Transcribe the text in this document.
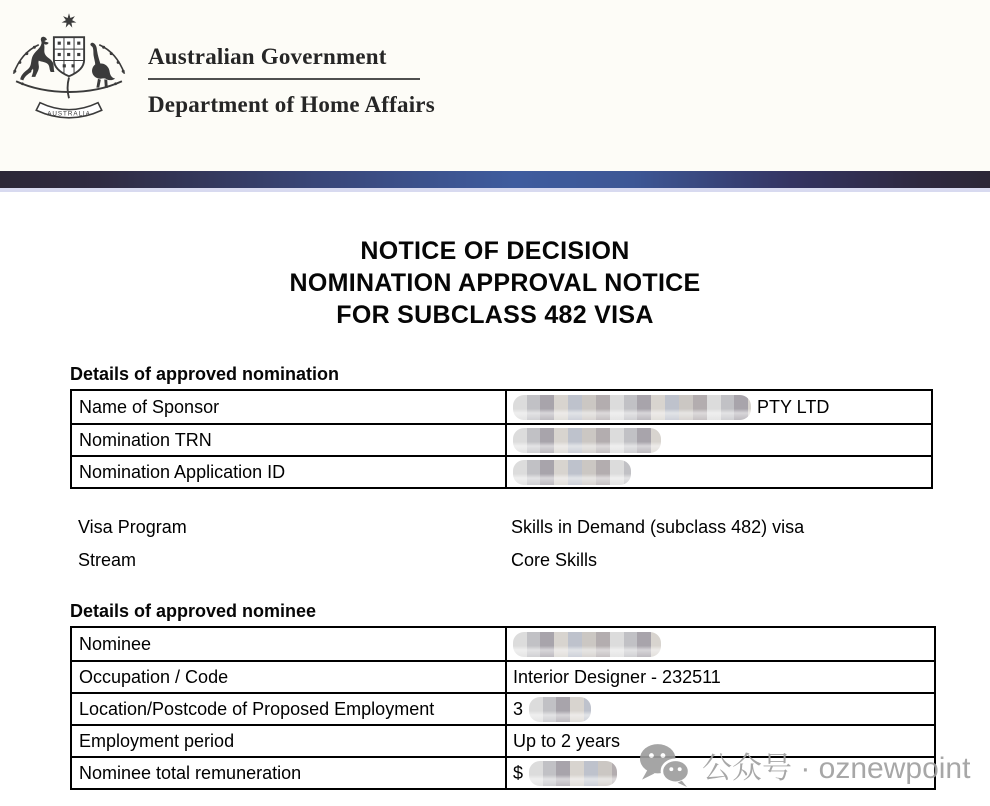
AUSTRALIA
Australian Government
Department of Home Affairs
NOTICE OF DECISION
NOMINATION APPROVAL NOTICE
FOR SUBCLASS 482 VISA
Details of approved nomination
Name of Sponsor	PTY LTD
Nomination TRN
Nomination Application ID
Visa Program	Skills in Demand (subclass 482) visa
Stream	Core Skills
Details of approved nominee
Nominee
Occupation / Code	Interior Designer - 232511
Location/Postcode of Proposed Employment	3
Employment period	Up to 2 years
Nominee total remuneration	$	公众号 · oznewpoint
